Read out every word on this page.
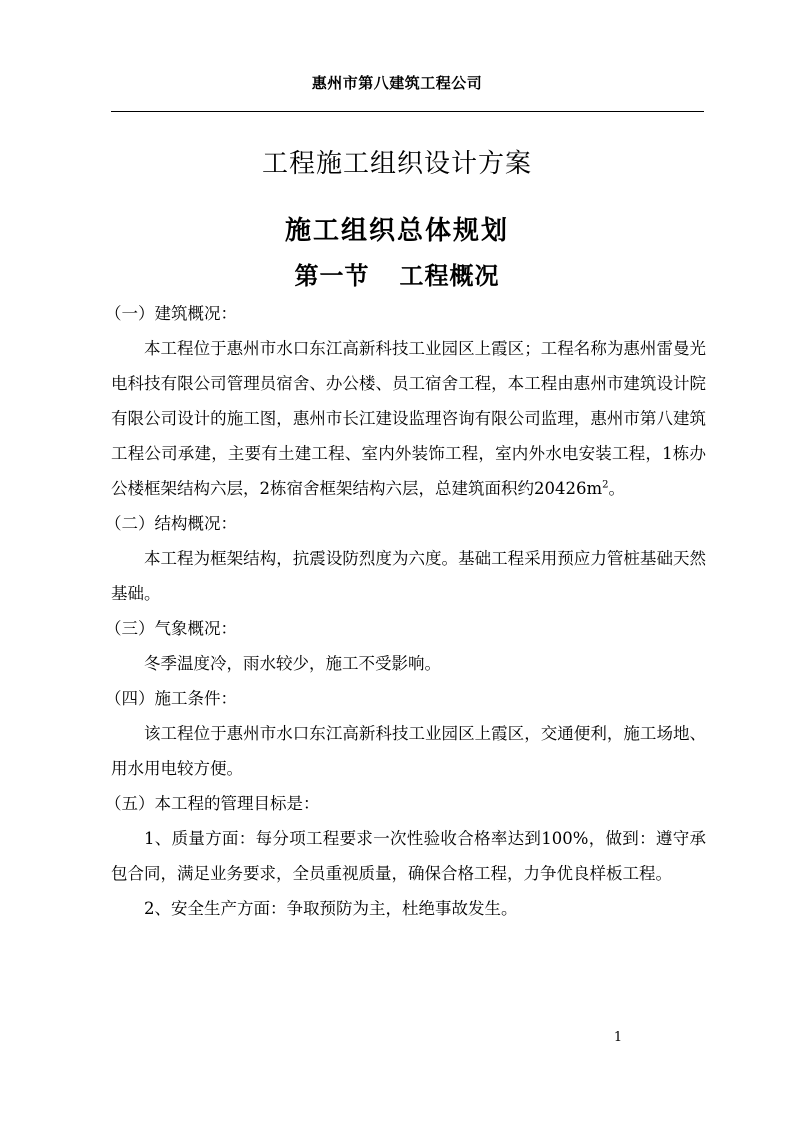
惠州市第八建筑工程公司
工程施工组织设计方案
施工组织总体规划
第一节 工程概况

（一）建筑概况：

本工程位于惠州市水口东江高新科技工业园区上霞区；工程名称为惠州雷曼光电科技有限公司管理员宿舍、办公楼、员工宿舍工程，本工程由惠州市建筑设计院有限公司设计的施工图，惠州市长江建设监理咨询有限公司监理，惠州市第八建筑工程公司承建，主要有土建工程、室内外装饰工程，室内外水电安装工程，1栋办公楼框架结构六层，2栋宿舍框架结构六层，总建筑面积约$20426m^2$。

（二）结构概况：

本工程为框架结构，抗震设防烈度为六度。基础工程采用预应力管桩基础天然基础。

（三）气象概况：

冬季温度冷，雨水较少，施工不受影响。

（四）施工条件：

该工程位于惠州市水口东江高新科技工业园区上霞区，交通便利，施工场地、用水用电较方便。

（五）本工程的管理目标是：

1、质量方面：每分项工程要求一次性验收合格率达到100%，做到：遵守承包合同，满足业务要求，全员重视质量，确保合格工程，力争优良样板工程。

2、安全生产方面：争取预防为主，杜绝事故发生。

1
